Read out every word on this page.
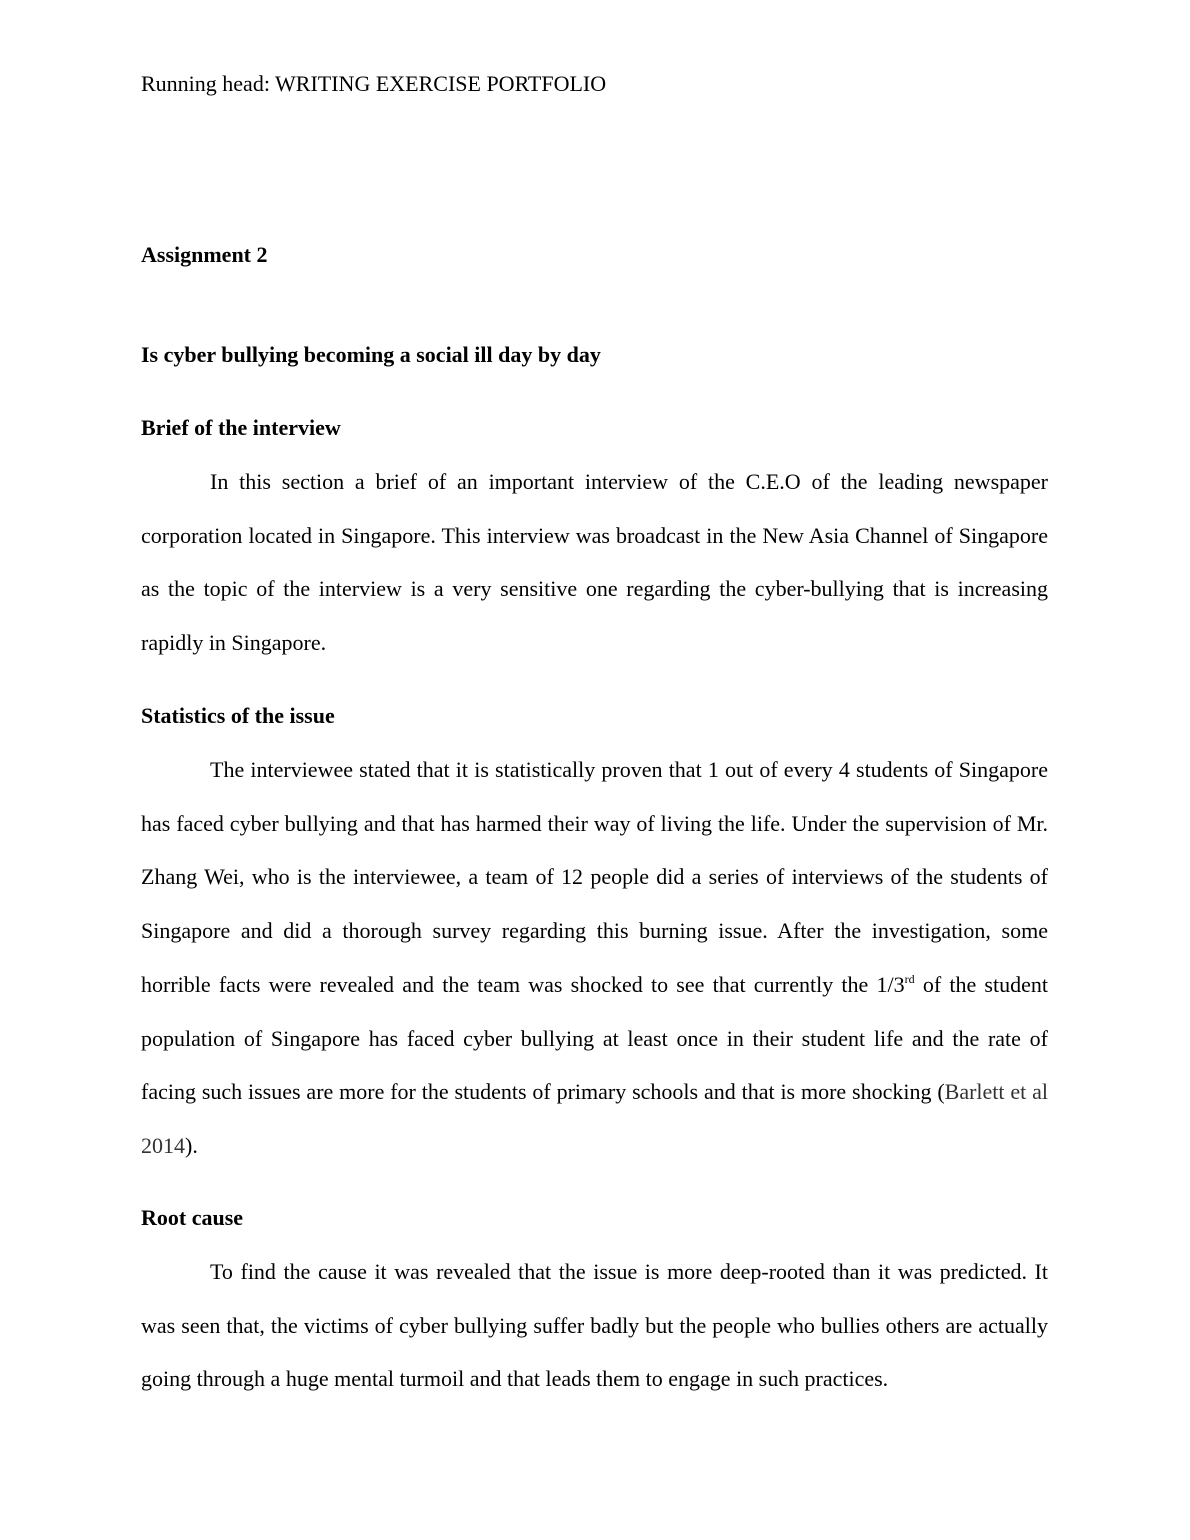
Running head: WRITING EXERCISE PORTFOLIO
Assignment 2
Is cyber bullying becoming a social ill day by day
Brief of the interview

In this section a brief of an important interview of the C.E.O of the leading newspaper corporation located in Singapore. This interview was broadcast in the New Asia Channel of Singapore as the topic of the interview is a very sensitive one regarding the cyber-bullying that is increasing rapidly in Singapore.

Statistics of the issue

The interviewee stated that it is statistically proven that 1 out of every 4 students of Singapore has faced cyber bullying and that has harmed their way of living the life. Under the supervision of Mr. Zhang Wei, who is the interviewee, a team of 12 people did a series of interviews of the students of Singapore and did a thorough survey regarding this burning issue. After the investigation, some horrible facts were revealed and the team was shocked to see that currently the 1/3rd of the student population of Singapore has faced cyber bullying at least once in their student life and the rate of facing such issues are more for the students of primary schools and that is more shocking (Barlett et al 2014).

Root cause

To find the cause it was revealed that the issue is more deep-rooted than it was predicted. It was seen that, the victims of cyber bullying suffer badly but the people who bullies others are actually going through a huge mental turmoil and that leads them to engage in such practices.
